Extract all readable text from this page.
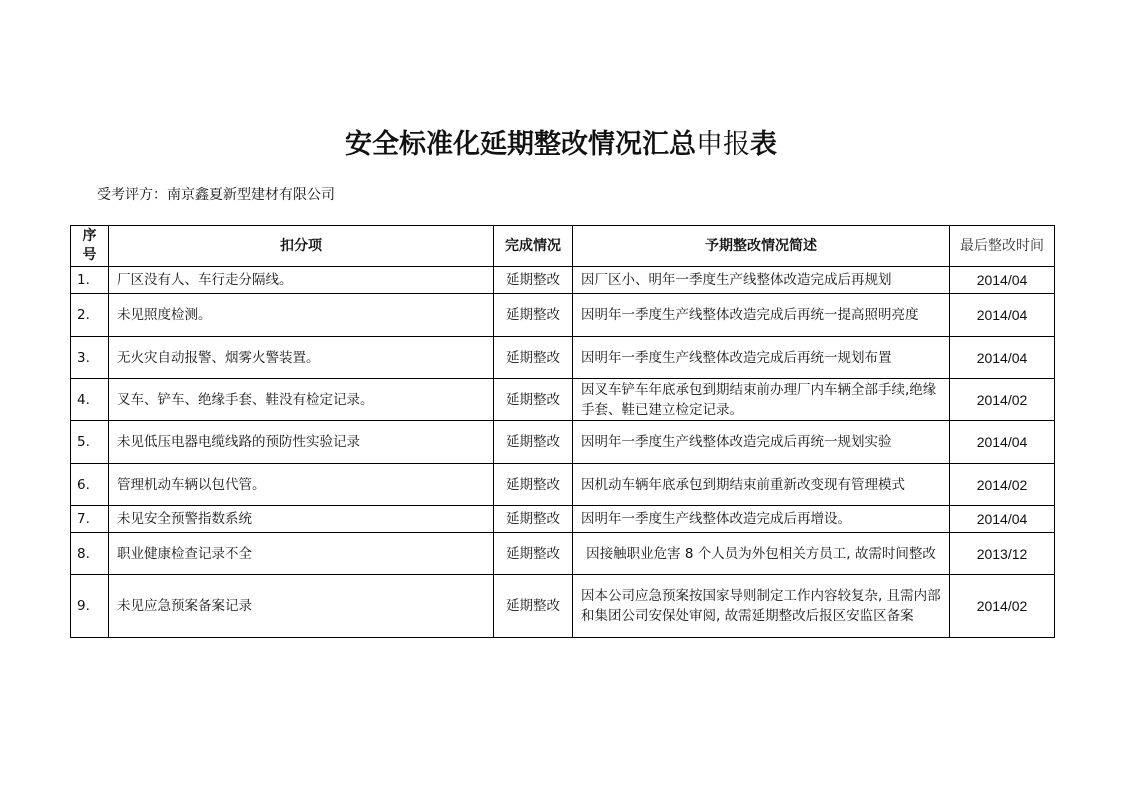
安全标准化延期整改情况汇总申报表
受考评方：南京鑫夏新型建材有限公司
序号	扣分项	完成情况	予期整改情况简述	最后整改时间
1.	厂区没有人、车行走分隔线。	延期整改	因厂区小、明年一季度生产线整体改造完成后再规划	2014/04
2.	未见照度检测。	延期整改	因明年一季度生产线整体改造完成后再统一提高照明亮度	2014/04
3.	无火灾自动报警、烟雾火警装置。	延期整改	因明年一季度生产线整体改造完成后再统一规划布置	2014/04
4.	叉车、铲车、绝缘手套、鞋没有检定记录。	延期整改	因叉车铲车年底承包到期结束前办理厂内车辆全部手续,绝缘手套、鞋已建立检定记录。	2014/02
5.	未见低压电器电缆线路的预防性实验记录	延期整改	因明年一季度生产线整体改造完成后再统一规划实验	2014/04
6.	管理机动车辆以包代管。	延期整改	因机动车辆年底承包到期结束前重新改变现有管理模式	2014/02
7.	未见安全预警指数系统	延期整改	因明年一季度生产线整体改造完成后再增设。	2014/04
8.	职业健康检查记录不全	延期整改	因接触职业危害 8 个人员为外包相关方员工, 故需时间整改	2013/12
9.	未见应急预案备案记录	延期整改	因本公司应急预案按国家导则制定工作内容较复杂, 且需内部和集团公司安保处审阅, 故需延期整改后报区安监区备案	2014/02
